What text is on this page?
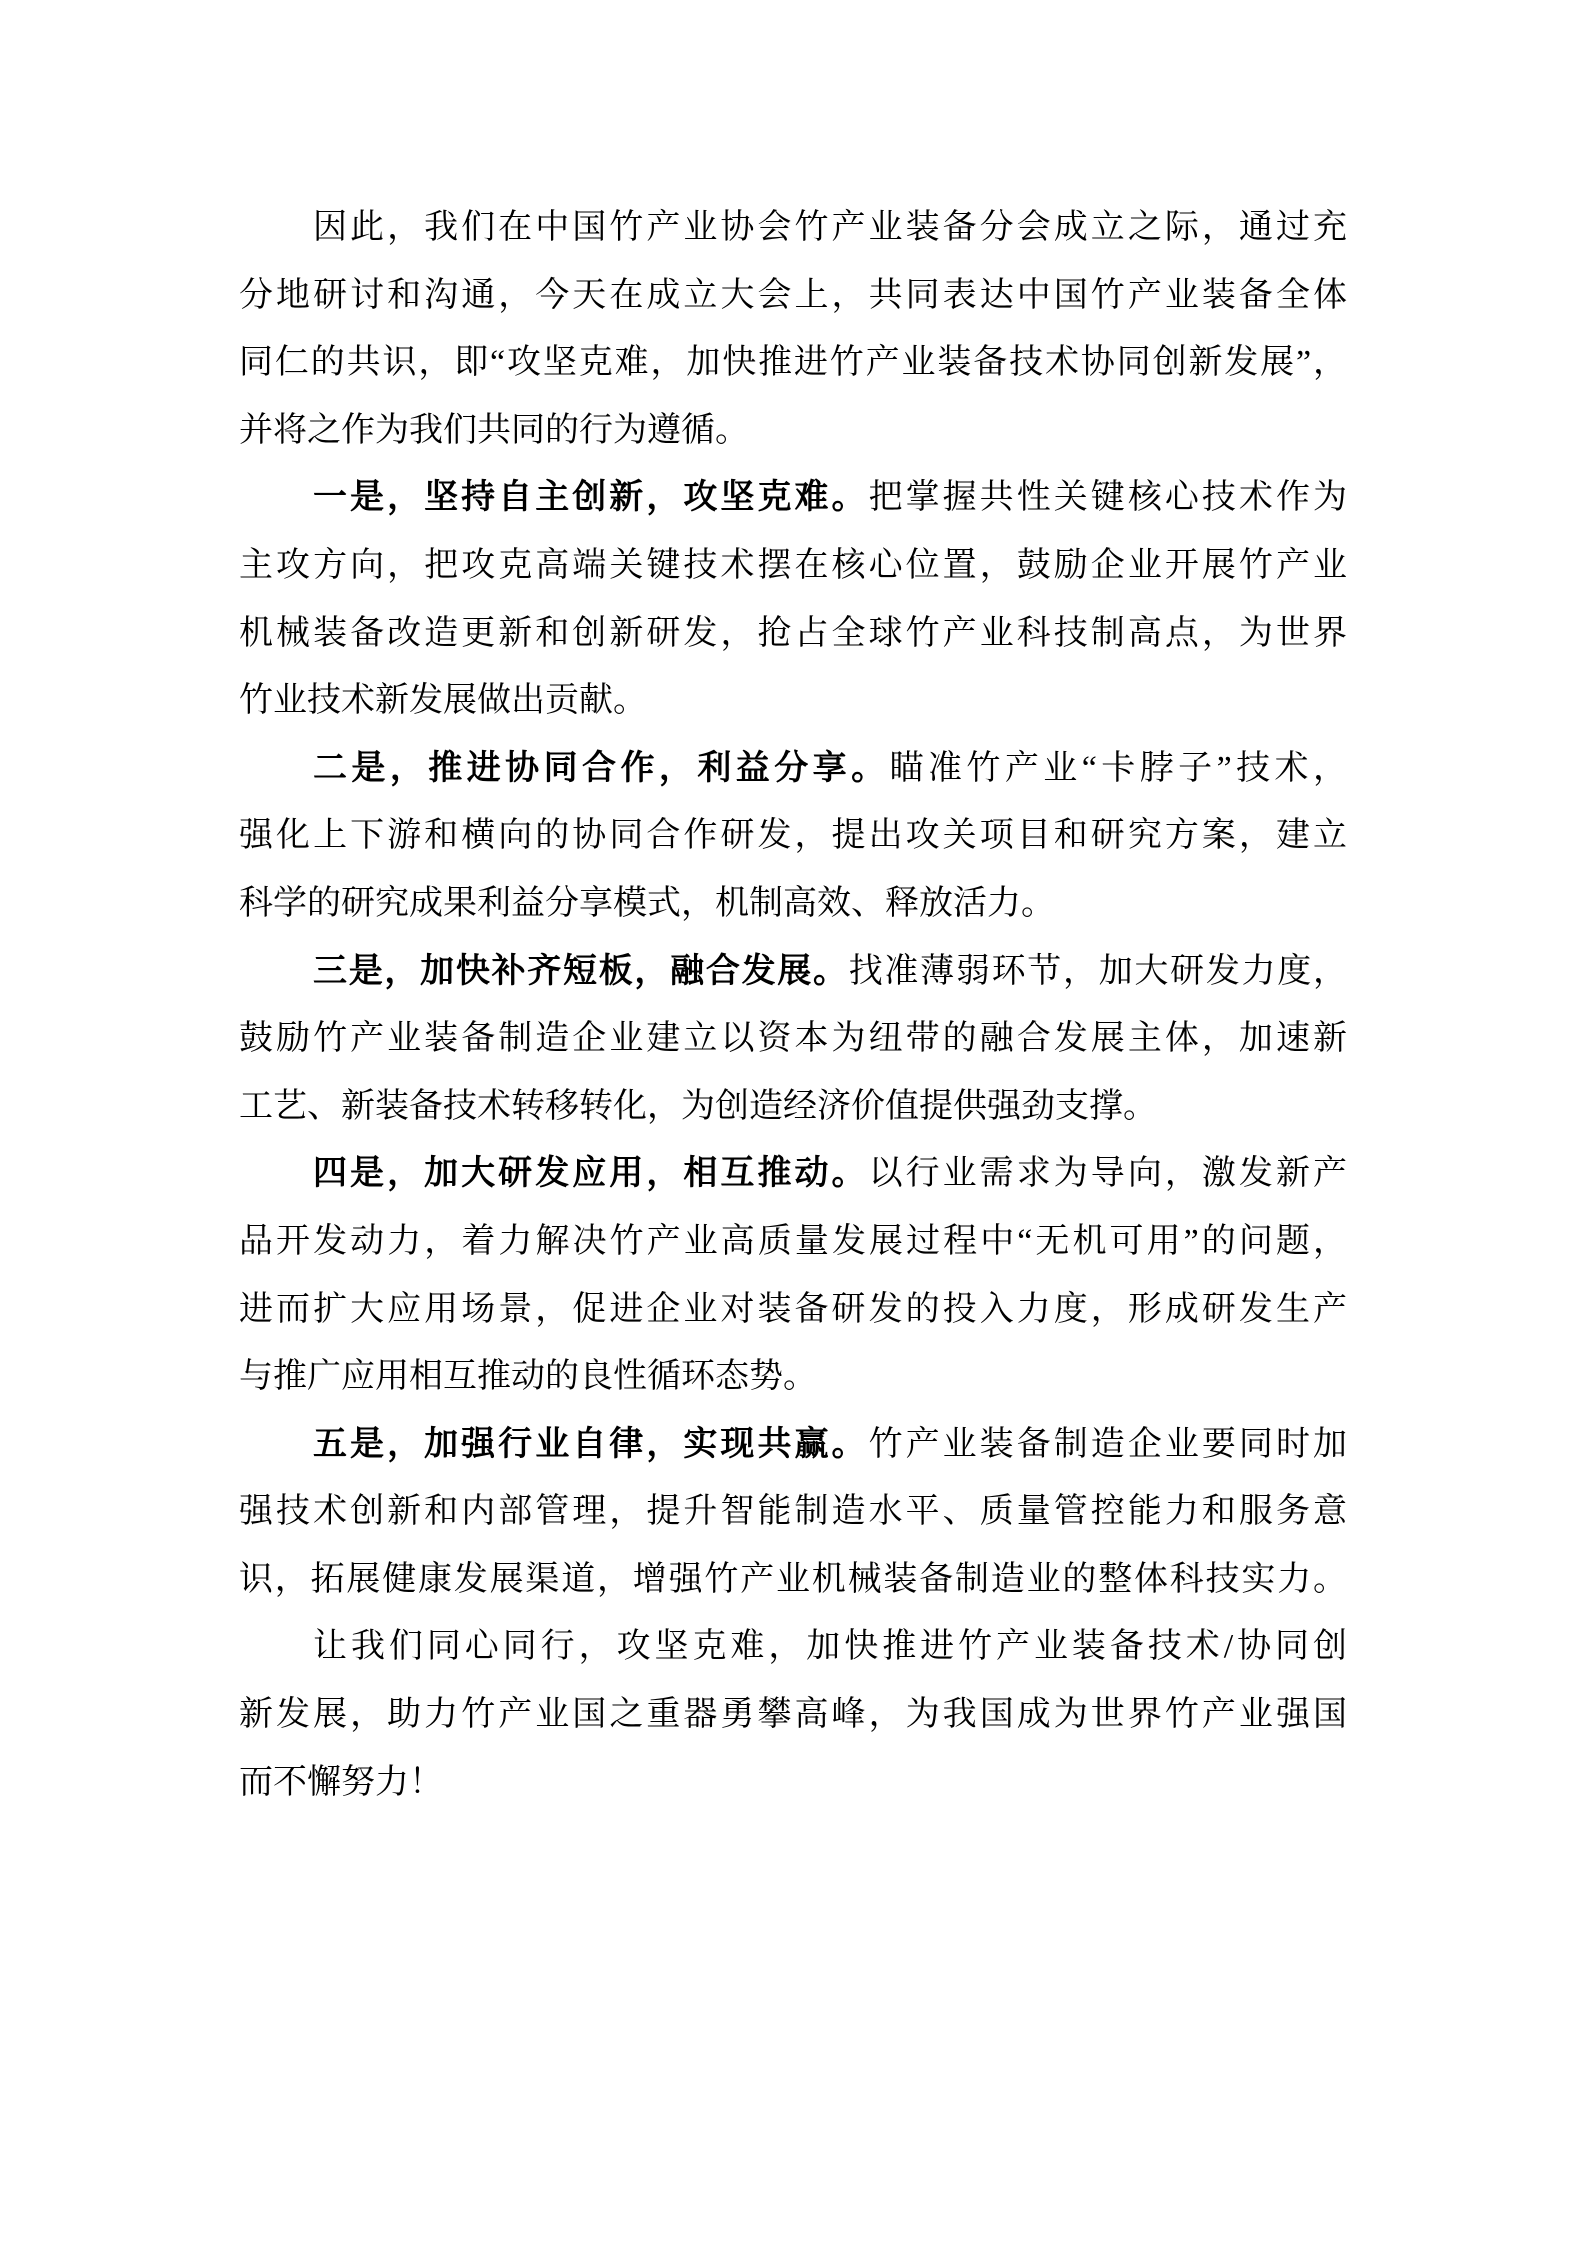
因此，我们在中国竹产业协会竹产业装备分会成立之际，通过充
分地研讨和沟通，今天在成立大会上，共同表达中国竹产业装备全体
同仁的共识，即“攻坚克难，加快推进竹产业装备技术协同创新发展”，
并将之作为我们共同的行为遵循。
一是，坚持自主创新，攻坚克难。把掌握共性关键核心技术作为
主攻方向，把攻克高端关键技术摆在核心位置，鼓励企业开展竹产业
机械装备改造更新和创新研发，抢占全球竹产业科技制高点，为世界
竹业技术新发展做出贡献。
二是，推进协同合作，利益分享。瞄准竹产业“卡脖子”技术，
强化上下游和横向的协同合作研发，提出攻关项目和研究方案，建立
科学的研究成果利益分享模式，机制高效、释放活力。
三是，加快补齐短板，融合发展。找准薄弱环节，加大研发力度，
鼓励竹产业装备制造企业建立以资本为纽带的融合发展主体，加速新
工艺、新装备技术转移转化，为创造经济价值提供强劲支撑。
四是，加大研发应用，相互推动。以行业需求为导向，激发新产
品开发动力，着力解决竹产业高质量发展过程中“无机可用”的问题，
进而扩大应用场景，促进企业对装备研发的投入力度，形成研发生产
与推广应用相互推动的良性循环态势。
五是，加强行业自律，实现共赢。竹产业装备制造企业要同时加
强技术创新和内部管理，提升智能制造水平、质量管控能力和服务意
识，拓展健康发展渠道，增强竹产业机械装备制造业的整体科技实力。
让我们同心同行，攻坚克难，加快推进竹产业装备技术/协同创
新发展，助力竹产业国之重器勇攀高峰，为我国成为世界竹产业强国
而不懈努力！
